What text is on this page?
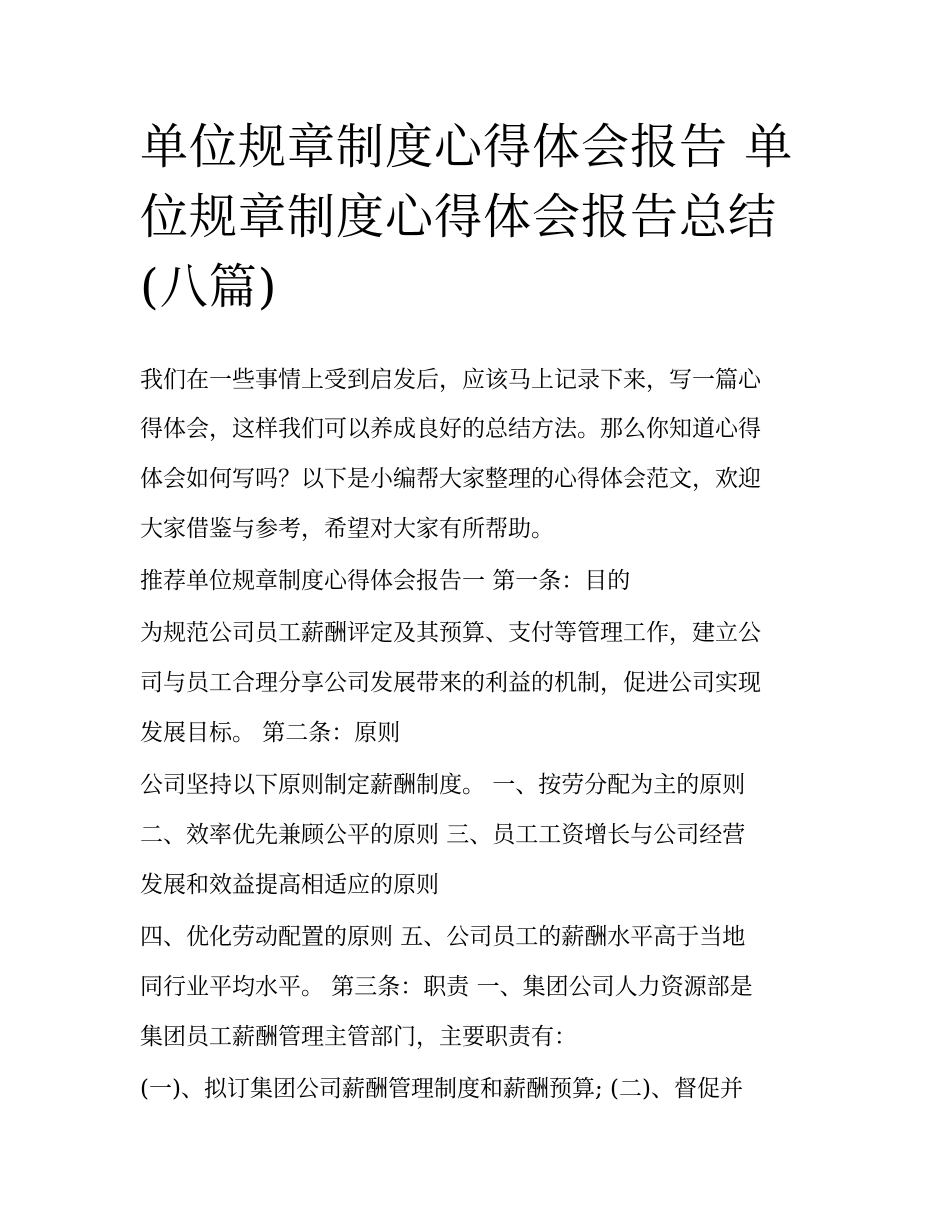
单位规章制度心得体会报告 单
位规章制度心得体会报告总结
(八篇)
我们在一些事情上受到启发后，应该马上记录下来，写一篇心
得体会，这样我们可以养成良好的总结方法。那么你知道心得
体会如何写吗？以下是小编帮大家整理的心得体会范文，欢迎
大家借鉴与参考，希望对大家有所帮助。
推荐单位规章制度心得体会报告一 第一条：目的
为规范公司员工薪酬评定及其预算、支付等管理工作，建立公
司与员工合理分享公司发展带来的利益的机制，促进公司实现
发展目标。 第二条：原则
公司坚持以下原则制定薪酬制度。 一、按劳分配为主的原则
二、效率优先兼顾公平的原则 三、员工工资增长与公司经营
发展和效益提高相适应的原则
四、优化劳动配置的原则 五、公司员工的薪酬水平高于当地
同行业平均水平。 第三条：职责 一、集团公司人力资源部是
集团员工薪酬管理主管部门，主要职责有：
(一)、拟订集团公司薪酬管理制度和薪酬预算; (二)、督促并
